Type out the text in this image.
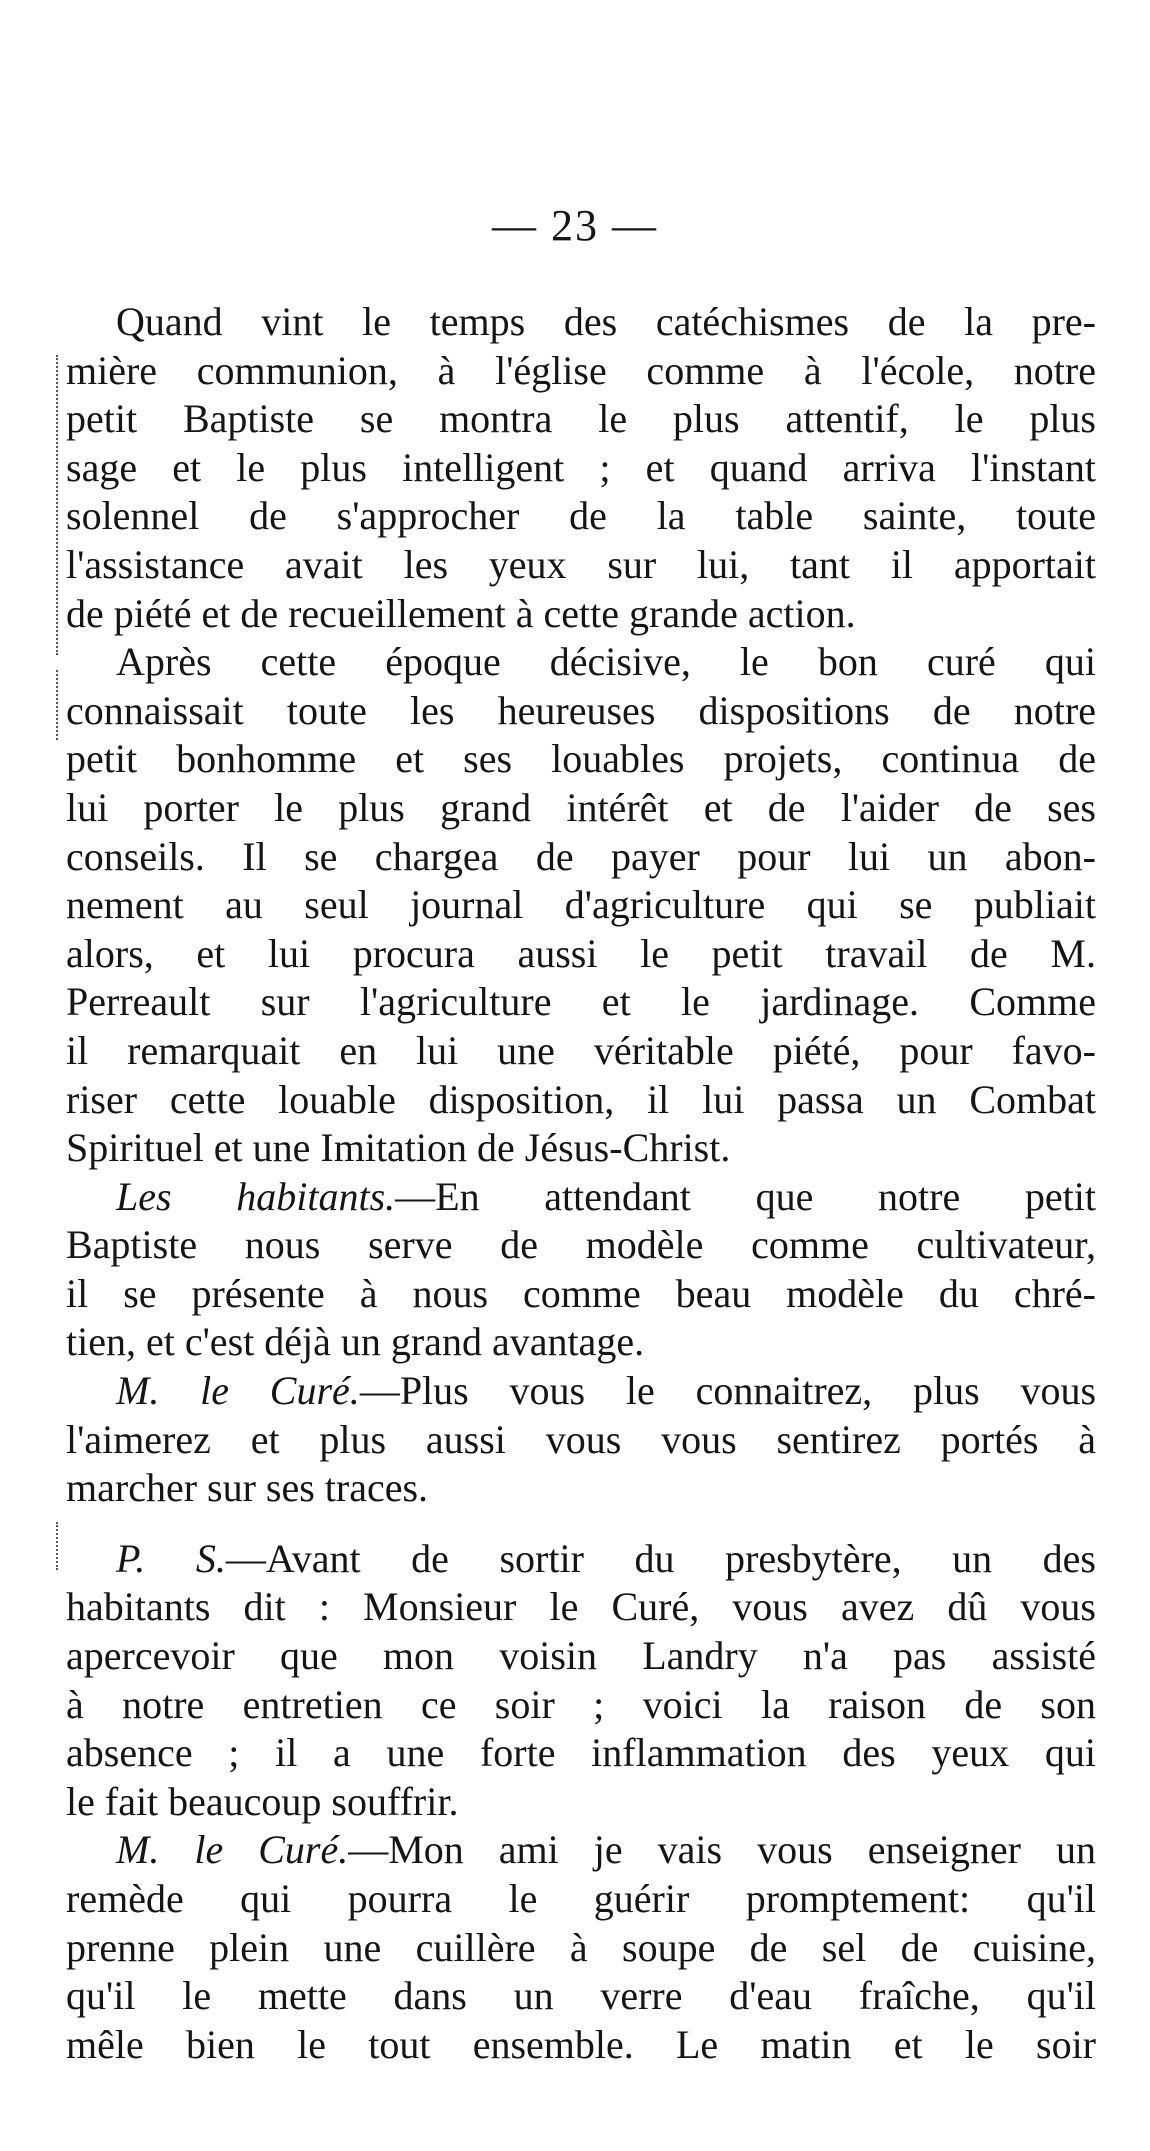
— 23 —
Quand vint le temps des catéchismes de la pre-
mière communion, à l'église comme à l'école, notre
petit Baptiste se montra le plus attentif, le plus
sage et le plus intelligent ; et quand arriva l'instant
solennel de s'approcher de la table sainte, toute
l'assistance avait les yeux sur lui, tant il apportait
de piété et de recueillement à cette grande action.
Après cette époque décisive, le bon curé qui
connaissait toute les heureuses dispositions de notre
petit bonhomme et ses louables projets, continua de
lui porter le plus grand intérêt et de l'aider de ses
conseils. Il se chargea de payer pour lui un abon-
nement au seul journal d'agriculture qui se publiait
alors, et lui procura aussi le petit travail de M.
Perreault sur l'agriculture et le jardinage. Comme
il remarquait en lui une véritable piété, pour favo-
riser cette louable disposition, il lui passa un Combat
Spirituel et une Imitation de Jésus-Christ.
Les habitants.—En attendant que notre petit
Baptiste nous serve de modèle comme cultivateur,
il se présente à nous comme beau modèle du chré-
tien, et c'est déjà un grand avantage.
M. le Curé.—Plus vous le connaitrez, plus vous
l'aimerez et plus aussi vous vous sentirez portés à
marcher sur ses traces.
P. S.—Avant de sortir du presbytère, un des
habitants dit : Monsieur le Curé, vous avez dû vous
apercevoir que mon voisin Landry n'a pas assisté
à notre entretien ce soir ; voici la raison de son
absence ; il a une forte inflammation des yeux qui
le fait beaucoup souffrir.
M. le Curé.—Mon ami je vais vous enseigner un
remède qui pourra le guérir promptement: qu'il
prenne plein une cuillère à soupe de sel de cuisine,
qu'il le mette dans un verre d'eau fraîche, qu'il
mêle bien le tout ensemble. Le matin et le soir
